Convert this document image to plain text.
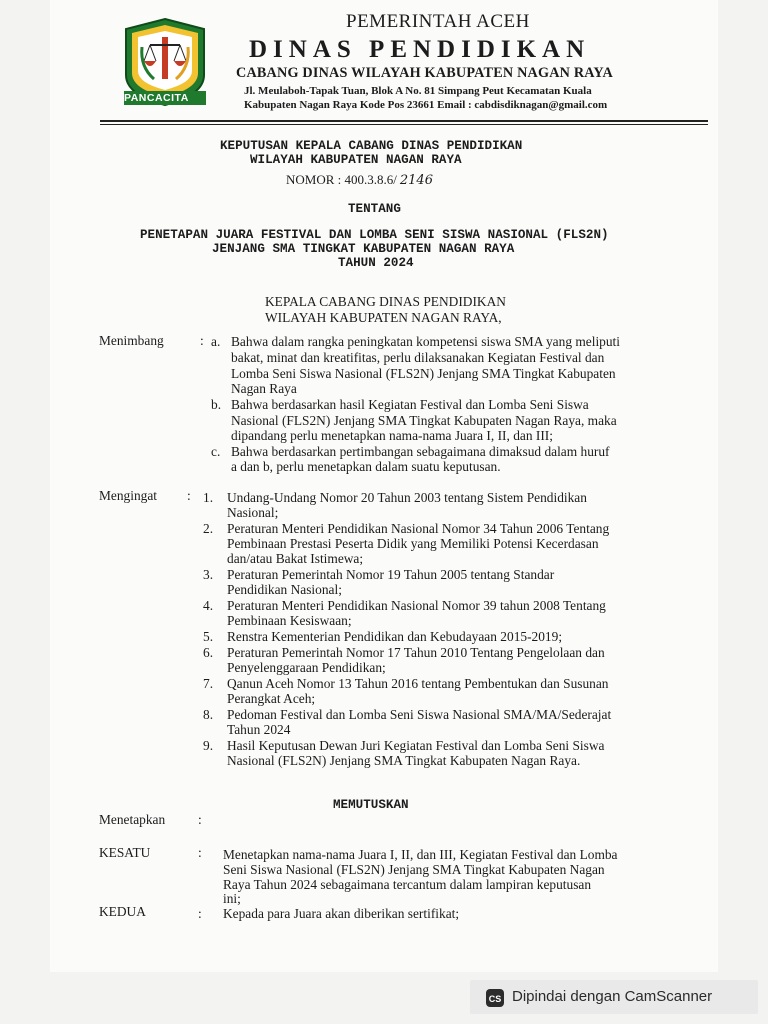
PANCACITA
PEMERINTAH ACEH
DINAS PENDIDIKAN
CABANG DINAS WILAYAH KABUPATEN NAGAN RAYA
Jl. Meulaboh-Tapak Tuan, Blok A No. 81 Simpang Peut Kecamatan Kuala
Kabupaten Nagan Raya Kode Pos 23661 Email : cabdisdiknagan@gmail.com
KEPUTUSAN KEPALA CABANG DINAS PENDIDIKAN
WILAYAH KABUPATEN NAGAN RAYA
NOMOR : 400.3.8.6/ 2146
TENTANG
PENETAPAN JUARA FESTIVAL DAN LOMBA SENI SISWA NASIONAL (FLS2N)
JENJANG SMA TINGKAT KABUPATEN NAGAN RAYA
TAHUN 2024
KEPALA CABANG DINAS PENDIDIKAN
WILAYAH KABUPATEN NAGAN RAYA,
Menimbang	: a. Bahwa dalam rangka peningkatan kompetensi siswa SMA yang meliputi
bakat, minat dan kreatifitas, perlu dilaksanakan Kegiatan Festival dan
Lomba Seni Siswa Nasional (FLS2N) Jenjang SMA Tingkat Kabupaten
Nagan Raya
b. Bahwa berdasarkan hasil Kegiatan Festival dan Lomba Seni Siswa
Nasional (FLS2N) Jenjang SMA Tingkat Kabupaten Nagan Raya, maka
dipandang perlu menetapkan nama-nama Juara I, II, dan III;
c. Bahwa berdasarkan pertimbangan sebagaimana dimaksud dalam huruf
a dan b, perlu menetapkan dalam suatu keputusan.
Mengingat : 1. Undang-Undang Nomor 20 Tahun 2003 tentang Sistem Pendidikan
Nasional;
2. Peraturan Menteri Pendidikan Nasional Nomor 34 Tahun 2006 Tentang
Pembinaan Prestasi Peserta Didik yang Memiliki Potensi Kecerdasan
dan/atau Bakat Istimewa;
3. Peraturan Pemerintah Nomor 19 Tahun 2005 tentang Standar
Pendidikan Nasional;
4. Peraturan Menteri Pendidikan Nasional Nomor 39 tahun 2008 Tentang
Pembinaan Kesiswaan;
5. Renstra Kementerian Pendidikan dan Kebudayaan 2015-2019;
6. Peraturan Pemerintah Nomor 17 Tahun 2010 Tentang Pengelolaan dan
Penyelenggaraan Pendidikan;
7. Qanun Aceh Nomor 13 Tahun 2016 tentang Pembentukan dan Susunan
Perangkat Aceh;
8. Pedoman Festival dan Lomba Seni Siswa Nasional SMA/MA/Sederajat
Tahun 2024
9. Hasil Keputusan Dewan Juri Kegiatan Festival dan Lomba Seni Siswa
Nasional (FLS2N) Jenjang SMA Tingkat Kabupaten Nagan Raya.
MEMUTUSKAN
Menetapkan :
KESATU	: Menetapkan nama-nama Juara I, II, dan III, Kegiatan Festival dan Lomba
Seni Siswa Nasional (FLS2N) Jenjang SMA Tingkat Kabupaten Nagan
Raya Tahun 2024 sebagaimana tercantum dalam lampiran keputusan
ini;
KEDUA	: Kepada para Juara akan diberikan sertifikat;
CS Dipindai dengan CamScanner
